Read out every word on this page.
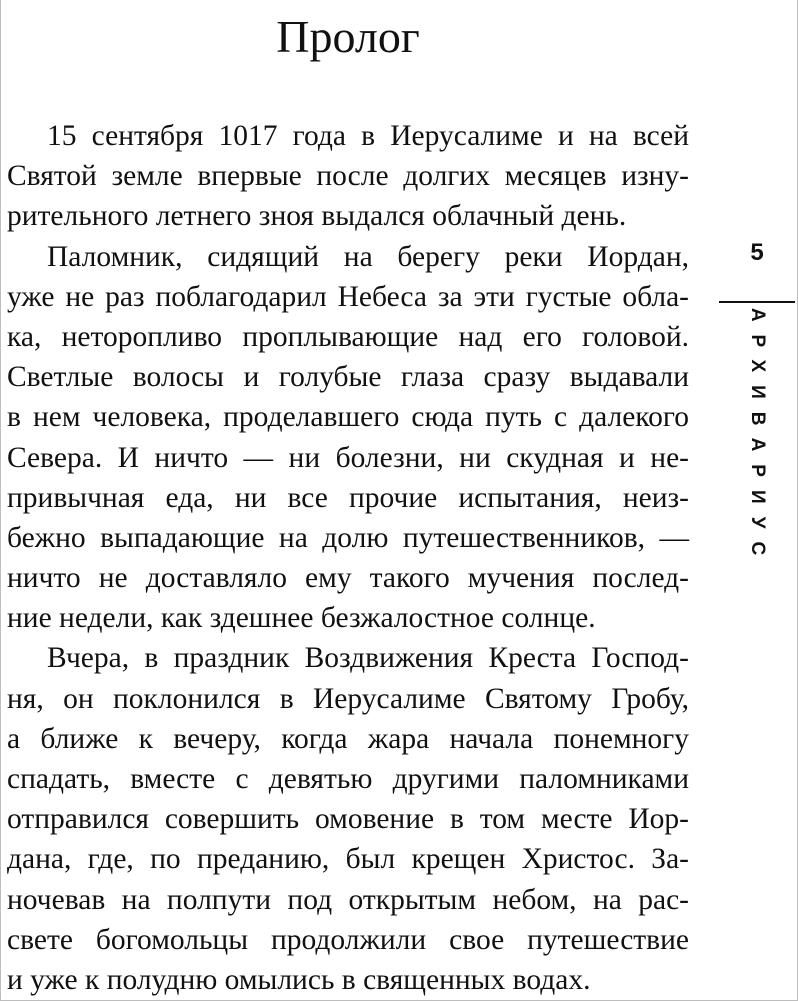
Пролог
15 сентября 1017 года в Иерусалиме и на всей
Святой земле впервые после долгих месяцев изну-
рительного летнего зноя выдался облачный день.
Паломник, сидящий на берегу реки Иордан,
уже не раз поблагодарил Небеса за эти густые обла-
ка, неторопливо проплывающие над его головой.
Светлые волосы и голубые глаза сразу выдавали
в нем человека, проделавшего сюда путь с далекого
Севера. И ничто — ни болезни, ни скудная и не-
привычная еда, ни все прочие испытания, неиз-
бежно выпадающие на долю путешественников, —
ничто не доставляло ему такого мучения послед-
ние недели, как здешнее безжалостное солнце.
Вчера, в праздник Воздвижения Креста Господ-
ня, он поклонился в Иерусалиме Святому Гробу,
а ближе к вечеру, когда жара начала понемногу
спадать, вместе с девятью другими паломниками
отправился совершить омовение в том месте Иор-
дана, где, по преданию, был крещен Христос. За-
ночевав на полпути под открытым небом, на рас-
свете богомольцы продолжили свое путешествие
и уже к полудню омылись в священных водах.
5
АРХИВАРИУС
